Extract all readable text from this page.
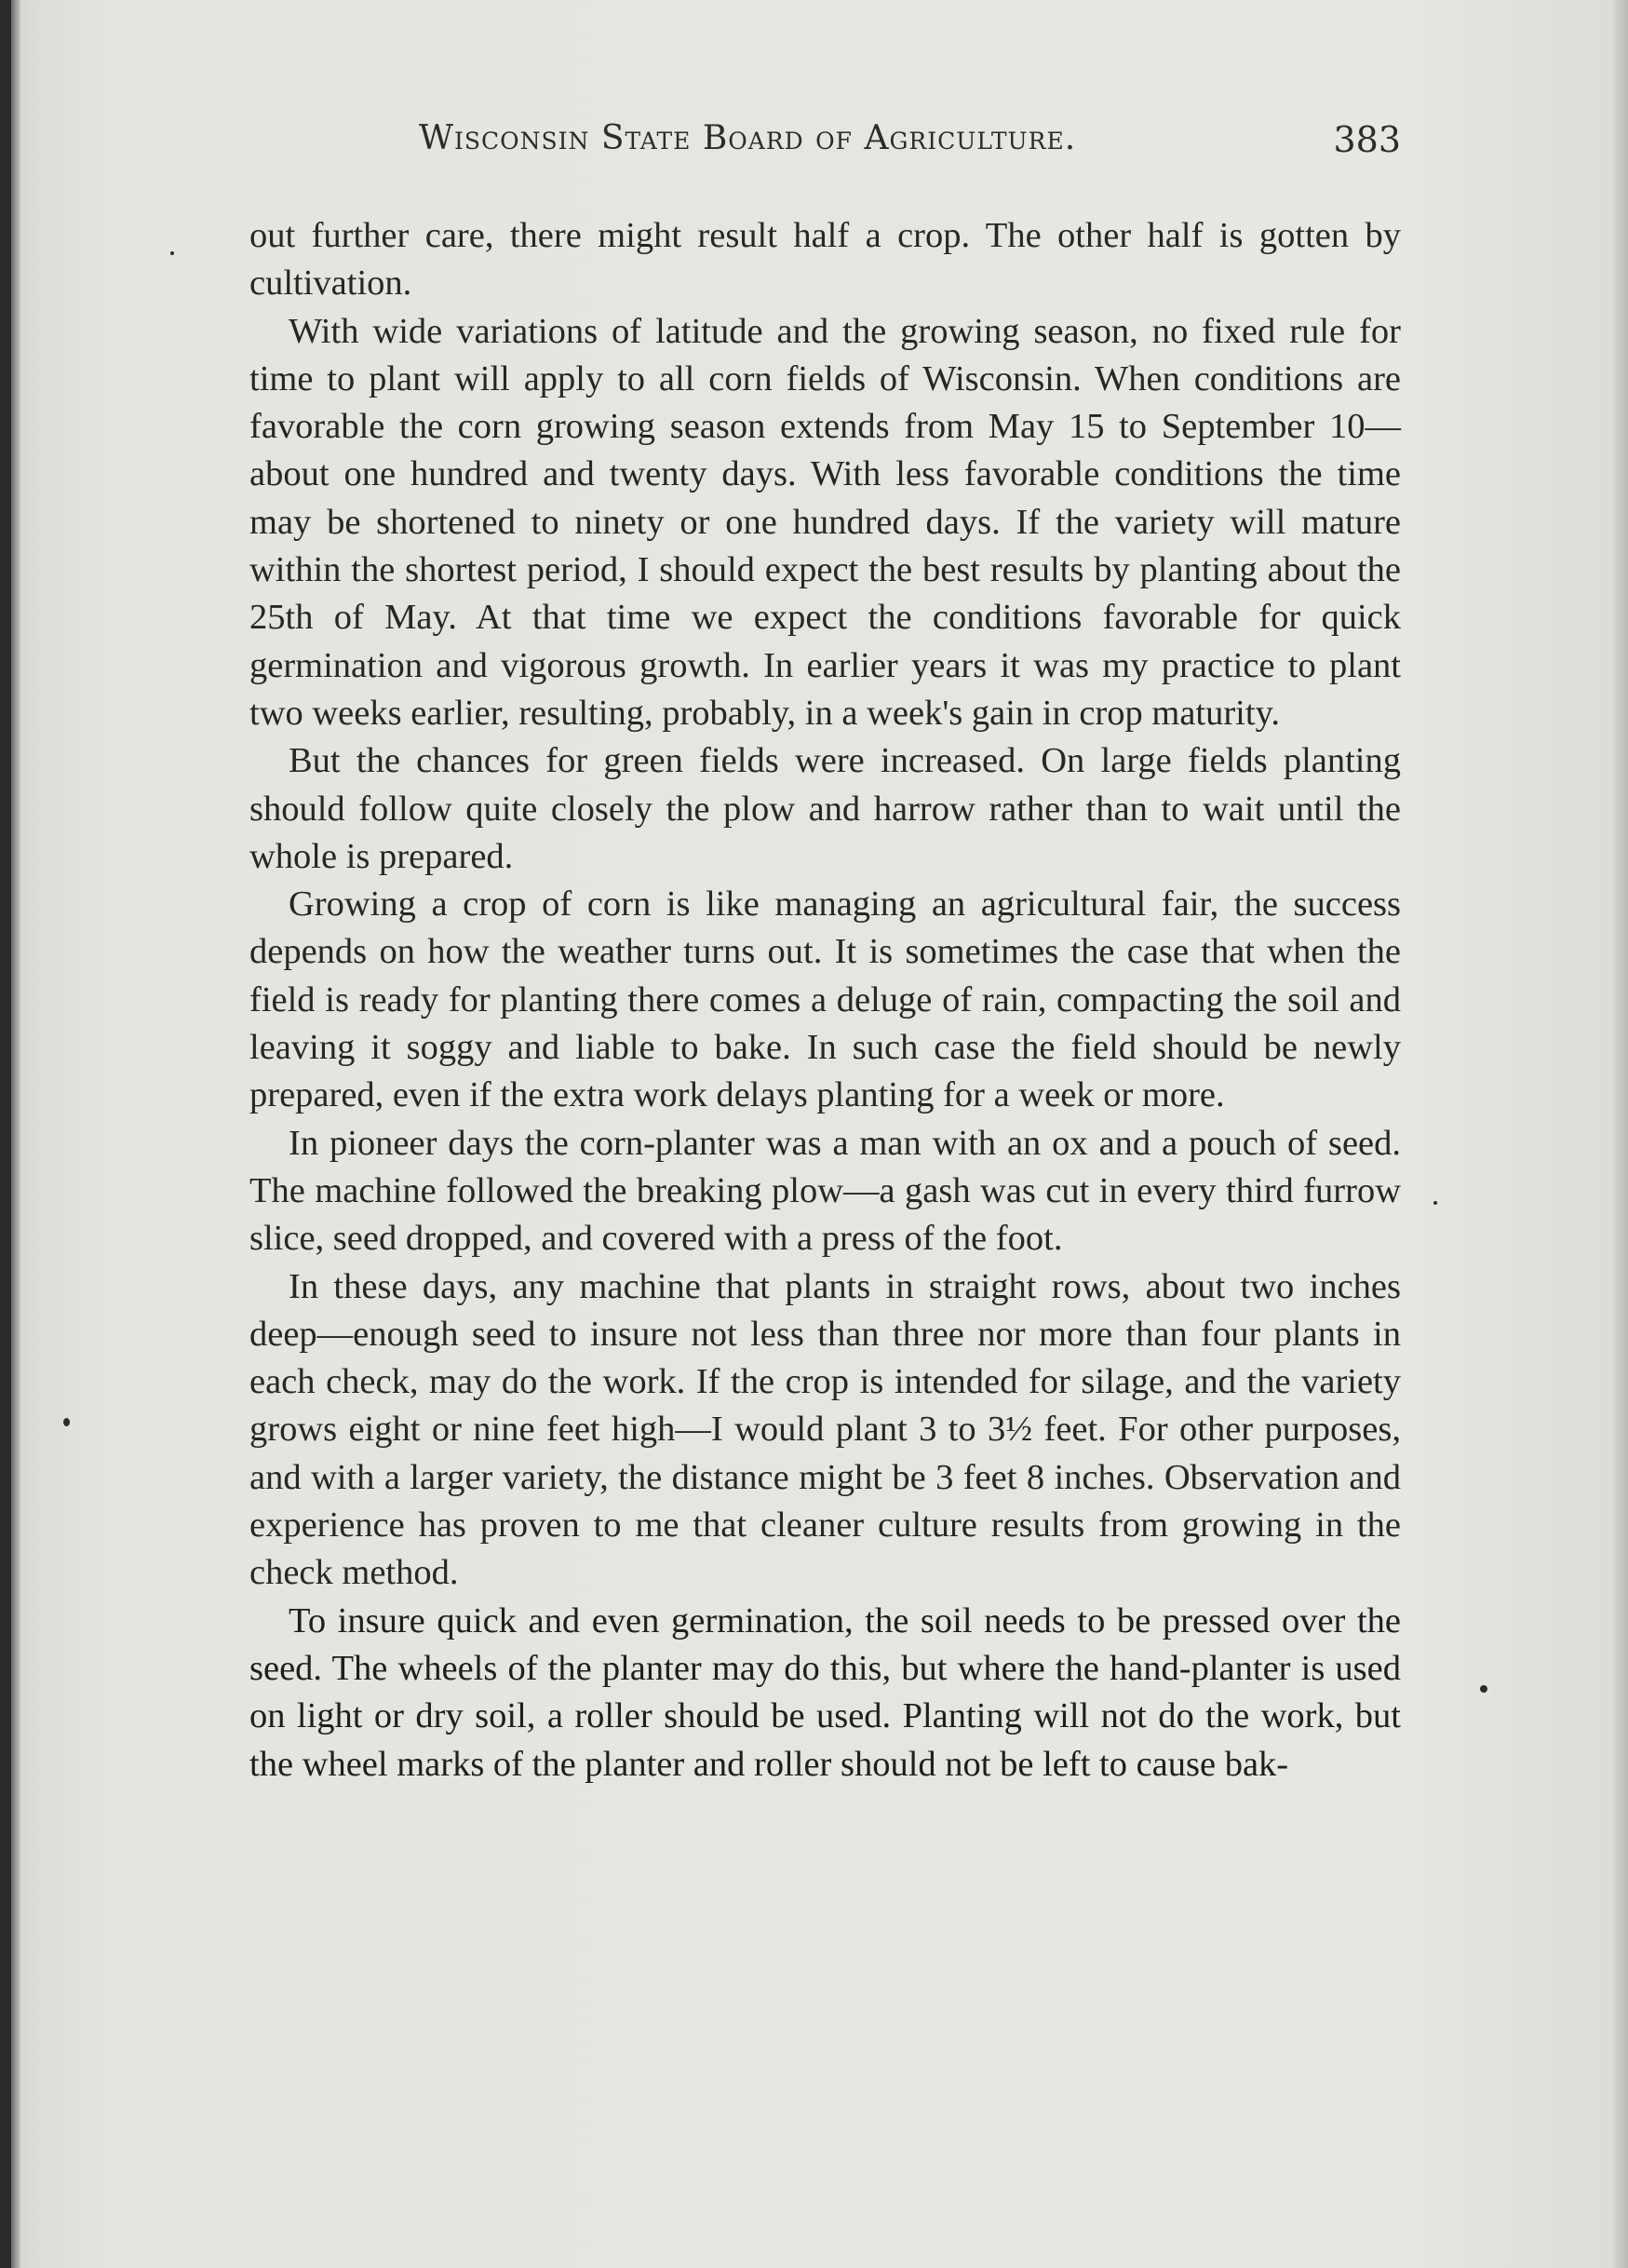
Wisconsin State Board of Agriculture.	383

out further care, there might result half a crop. The other half is gotten by cultivation.

With wide variations of latitude and the growing season, no fixed rule for time to plant will apply to all corn fields of Wisconsin. When conditions are favorable the corn growing season extends from May 15 to September 10—about one hundred and twenty days. With less favorable conditions the time may be shortened to ninety or one hundred days. If the variety will mature within the shortest period, I should expect the best results by planting about the 25th of May. At that time we expect the conditions favorable for quick germination and vigorous growth. In earlier years it was my practice to plant two weeks earlier, resulting, probably, in a week's gain in crop maturity.

But the chances for green fields were increased. On large fields planting should follow quite closely the plow and harrow rather than to wait until the whole is prepared.

Growing a crop of corn is like managing an agricultural fair, the success depends on how the weather turns out. It is sometimes the case that when the field is ready for planting there comes a deluge of rain, compacting the soil and leaving it soggy and liable to bake. In such case the field should be newly prepared, even if the extra work delays planting for a week or more.

In pioneer days the corn-planter was a man with an ox and a pouch of seed. The machine followed the breaking plow—a gash was cut in every third furrow slice, seed dropped, and covered with a press of the foot.

In these days, any machine that plants in straight rows, about two inches deep—enough seed to insure not less than three nor more than four plants in each check, may do the work. If the crop is intended for silage, and the variety grows eight or nine feet high—I would plant 3 to 3½ feet. For other purposes, and with a larger variety, the distance might be 3 feet 8 inches. Observation and experience has proven to me that cleaner culture results from growing in the check method.

To insure quick and even germination, the soil needs to be pressed over the seed. The wheels of the planter may do this, but where the hand-planter is used on light or dry soil, a roller should be used. Planting will not do the work, but the wheel marks of the planter and roller should not be left to cause bak-
